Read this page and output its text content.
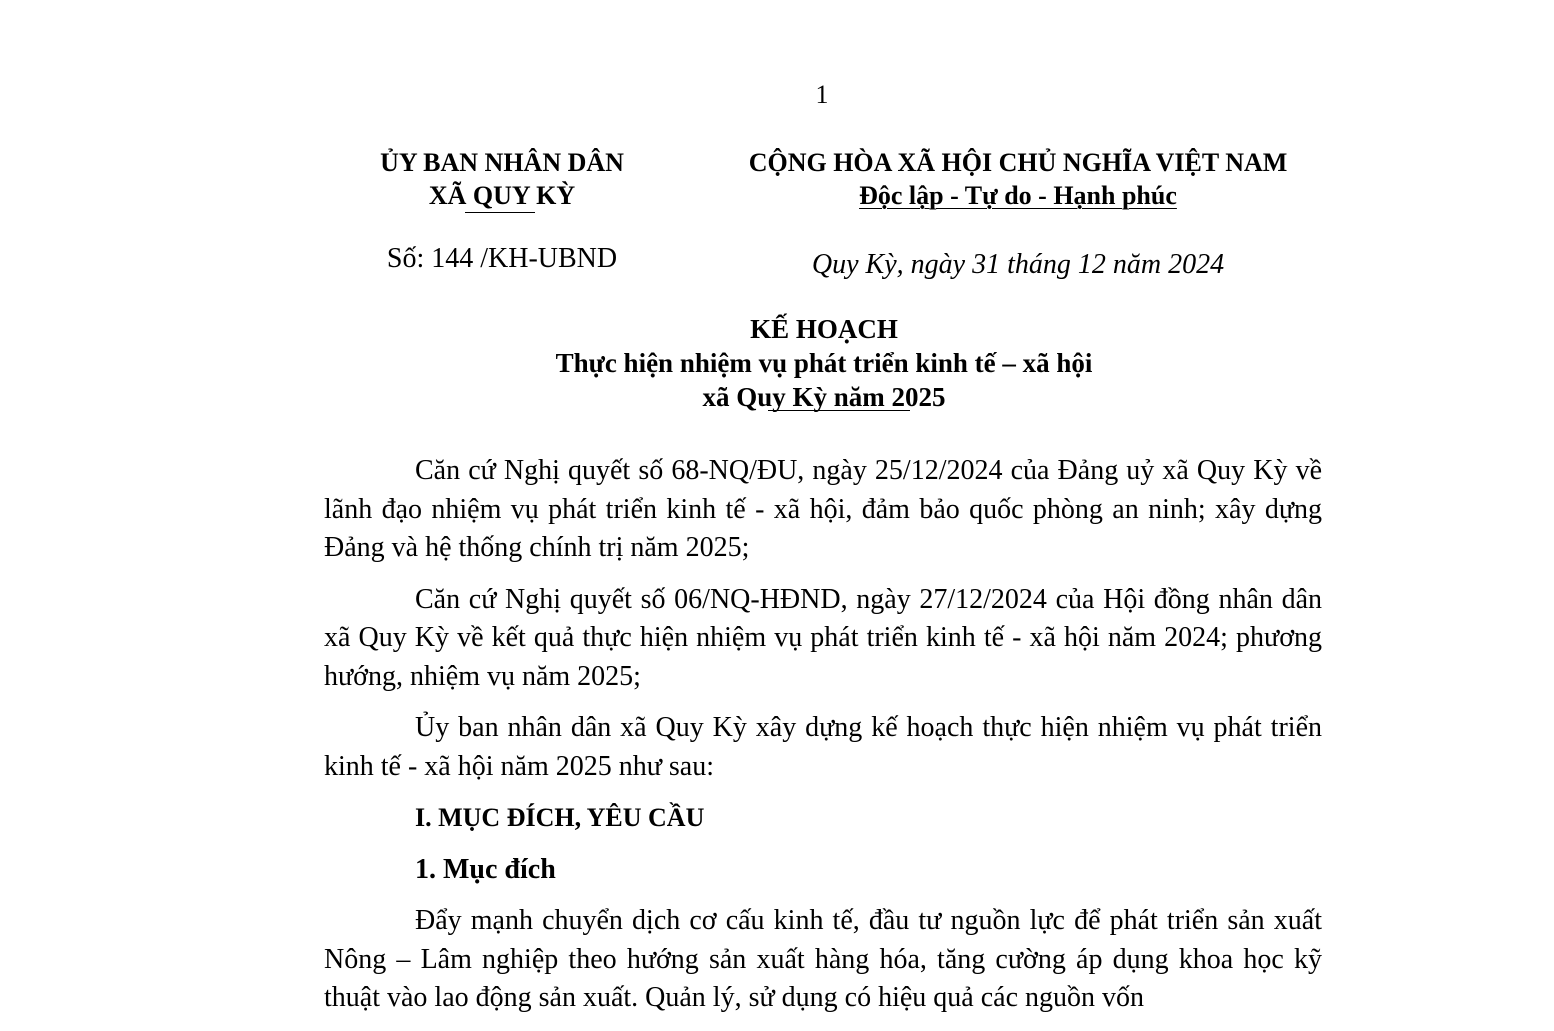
1
ỦY BAN NHÂN DÂN
XÃ QUY KỲ
CỘNG HÒA XÃ HỘI CHỦ NGHĨA VIỆT NAM
Độc lập - Tự do - Hạnh phúc
Số: 144 /KH-UBND	Quy Kỳ, ngày 31 tháng 12 năm 2024
KẾ HOẠCH
Thực hiện nhiệm vụ phát triển kinh tế – xã hội
xã Quy Kỳ năm 2025

Căn cứ Nghị quyết số 68-NQ/ĐU, ngày 25/12/2024 của Đảng uỷ xã Quy Kỳ về lãnh đạo nhiệm vụ phát triển kinh tế - xã hội, đảm bảo quốc phòng an ninh; xây dựng Đảng và hệ thống chính trị năm 2025;

Căn cứ Nghị quyết số 06/NQ-HĐND, ngày 27/12/2024 của Hội đồng nhân dân xã Quy Kỳ về kết quả thực hiện nhiệm vụ phát triển kinh tế - xã hội năm 2024; phương hướng, nhiệm vụ năm 2025;

Ủy ban nhân dân xã Quy Kỳ xây dựng kế hoạch thực hiện nhiệm vụ phát triển kinh tế - xã hội năm 2025 như sau:

I. MỤC ĐÍCH, YÊU CẦU
1. Mục đích

Đẩy mạnh chuyển dịch cơ cấu kinh tế, đầu tư nguồn lực để phát triển sản xuất Nông – Lâm nghiệp theo hướng sản xuất hàng hóa, tăng cường áp dụng khoa học kỹ thuật vào lao động sản xuất. Quản lý, sử dụng có hiệu quả các nguồn vốn
